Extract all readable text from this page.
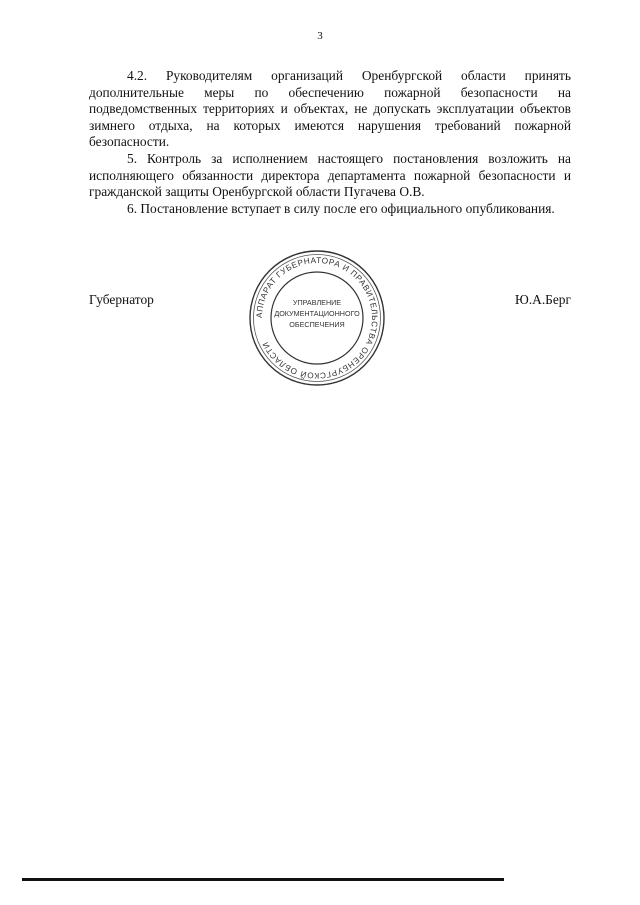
3

4.2. Руководителям организаций Оренбургской области принять дополнительные меры по обеспечению пожарной безопасности на подведомственных территориях и объектах, не допускать эксплуатации объектов зимнего отдыха, на которых имеются нарушения требований пожарной безопасности.

5. Контроль за исполнением настоящего постановления возложить на исполняющего обязанности директора департамента пожарной безопасности и гражданской защиты Оренбургской области Пугачева О.В.

6. Постановление вступает в силу после его официального опубликования.

Губернатор	Ю.А.Берг
АППАРАТ ГУБЕРНАТОРА И ПРАВИТЕЛЬСТВА ОРЕНБУРГСКОЙ ОБЛАСТИ
УПРАВЛЕНИЕ
ДОКУМЕНТАЦИОННОГО
ОБЕСПЕЧЕНИЯ
